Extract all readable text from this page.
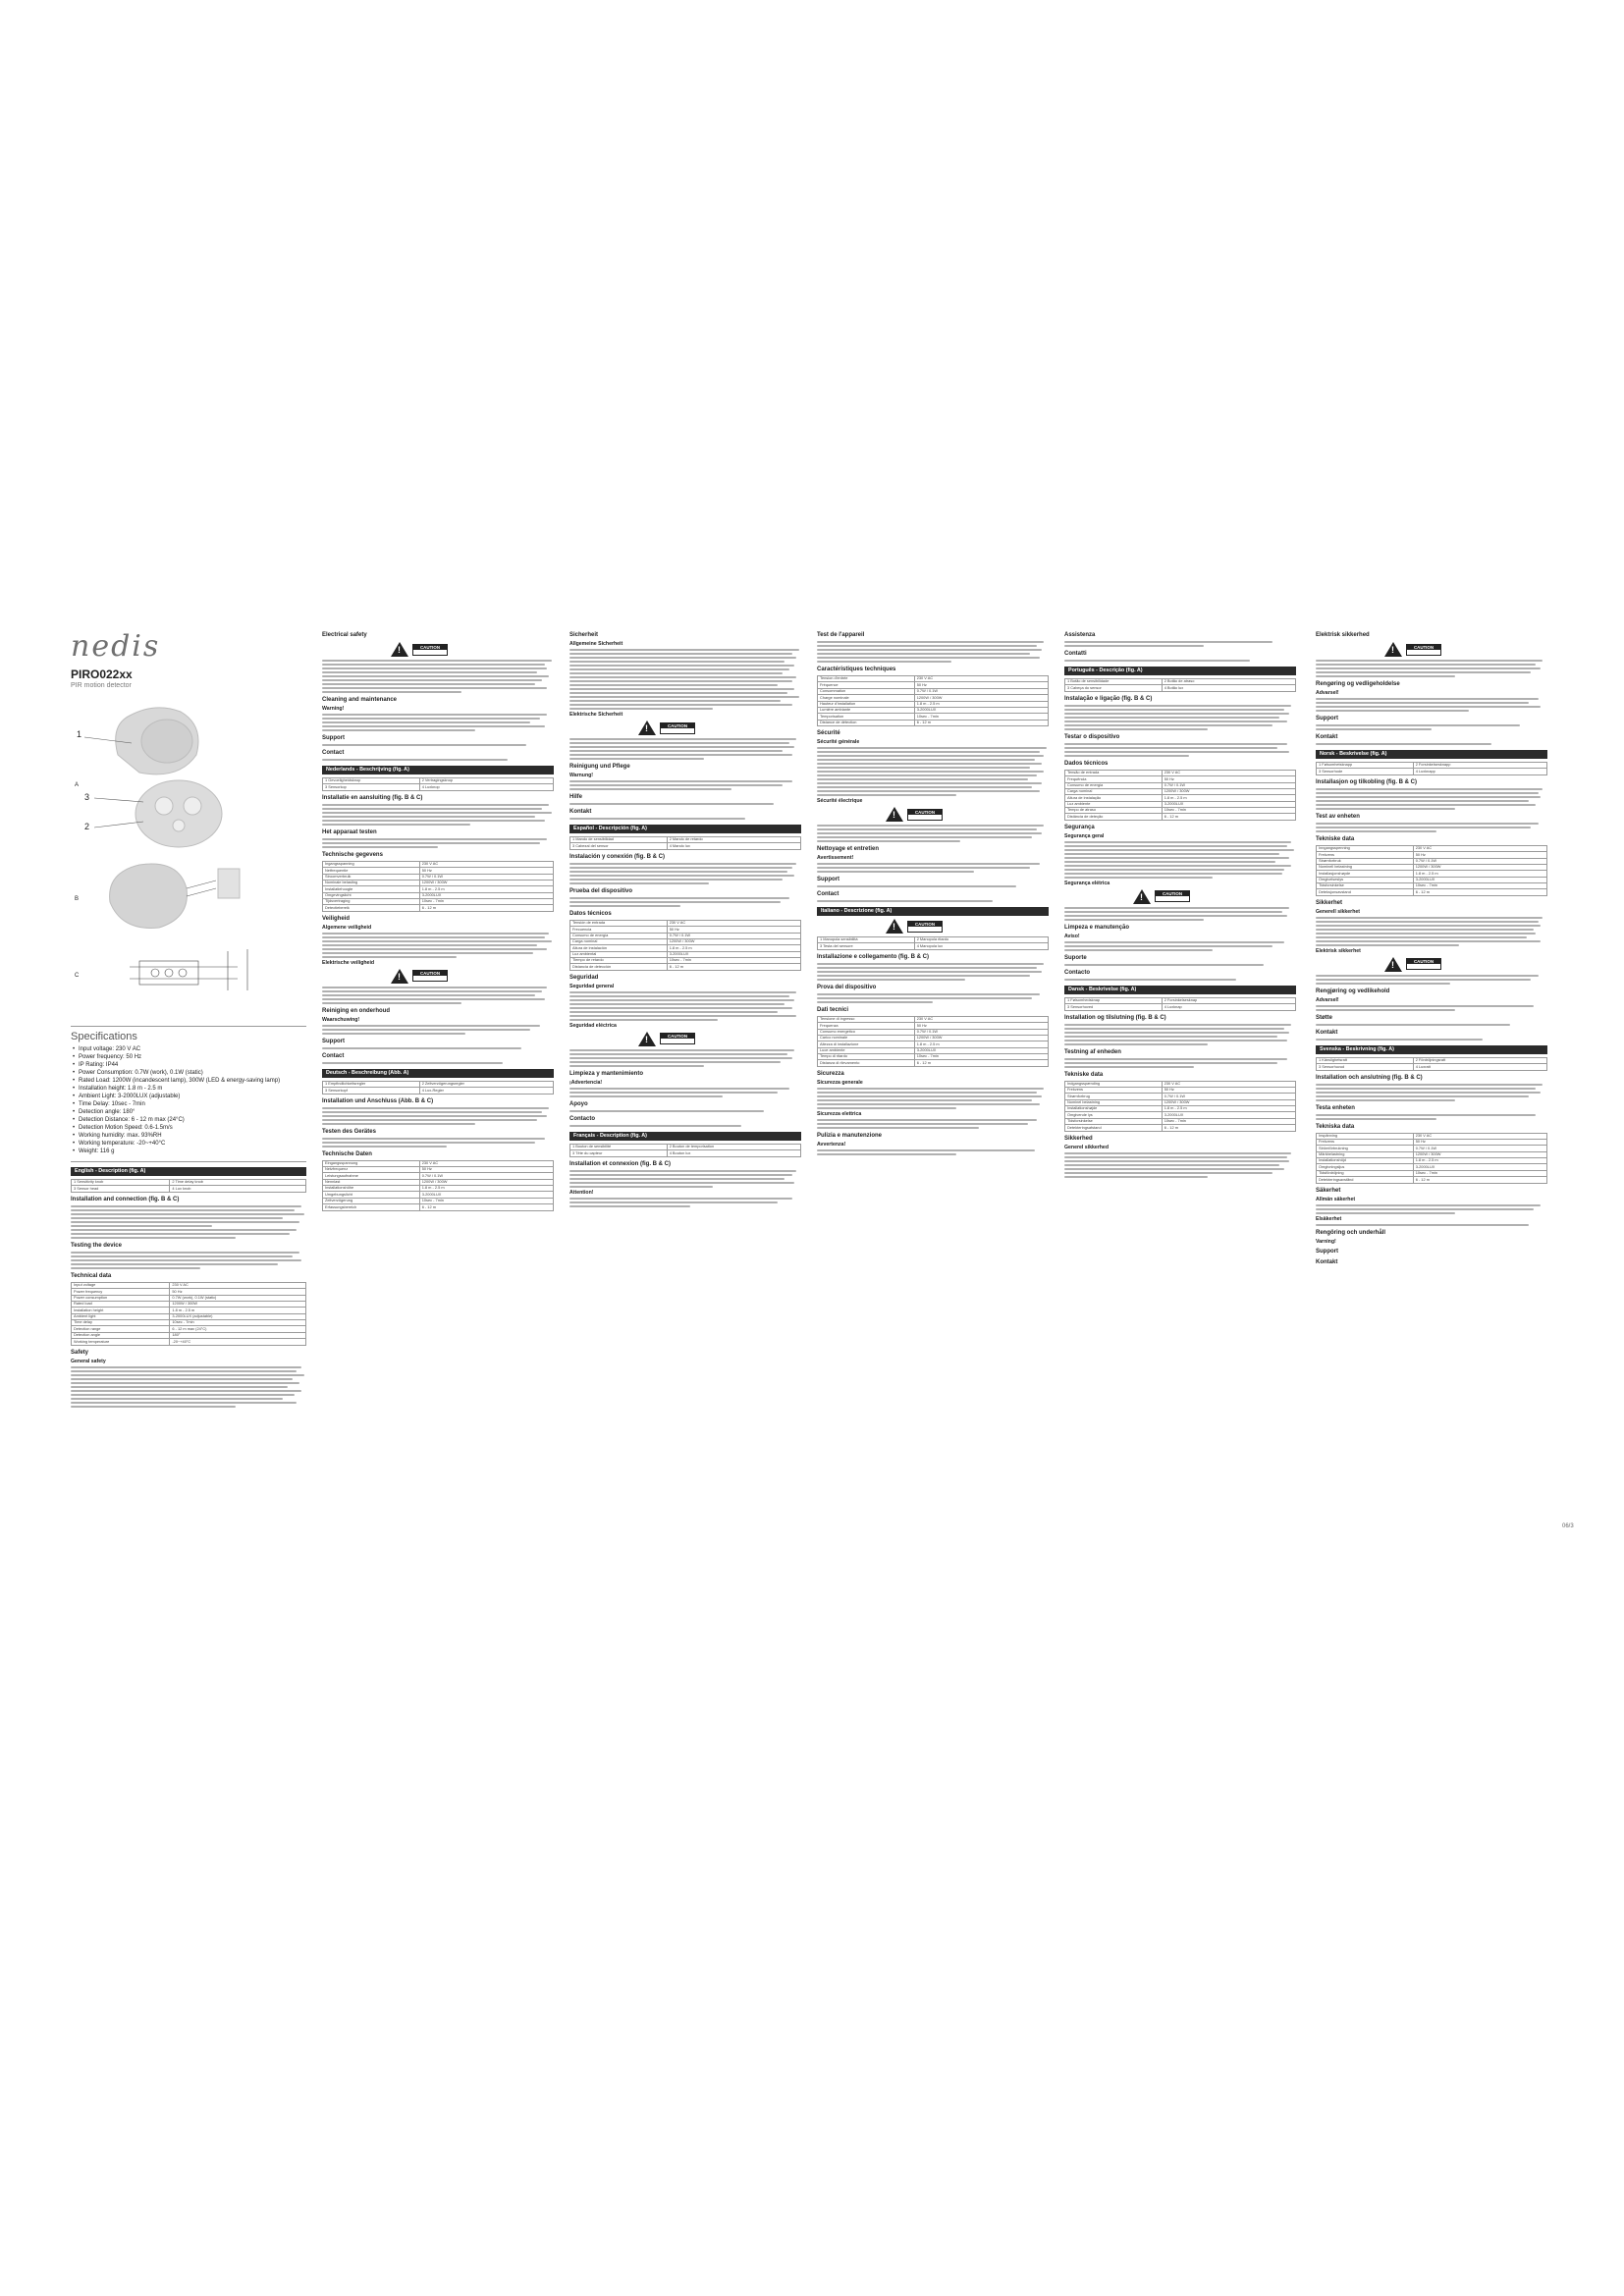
nedis
PIRO022xx
PIR motion detector
A
B
C
1
3
2
Specifications
• Input voltage: 230 V AC
• Power frequency: 50 Hz
• IP Rating: IP44
• Power Consumption: 0.7W (work), 0.1W (static)
• Rated Load: 1200W (incandescent lamp), 300W (LED & energy-saving lamp)
• Installation height: 1.8 m - 2.5 m
• Ambient Light: 3-2000LUX (adjustable)
• Time Delay: 10sec - 7min
• Detection angle: 180°
• Detection Distance: 6 - 12 m max (24°C)
• Detection Motion Speed: 0.6-1.5m/s
• Working humidity: max. 93%RH
• Working temperature: -20~+40°C
• Weight: 116 g
English - Description (fig. A)
1 Sensitivity knob	2 Time delay knob
3 Sensor head	4 Lux knob
Installation and connection (fig. B & C)
Testing the device
Technical data
Input voltage	230 V AC
Power frequency	50 Hz
Power consumption	0.7W (work), 0.1W (static)
Rated load	1200W / 300W
Installation height	1.8 m - 2.5 m
Ambient light	3-2000LUX (adjustable)
Time delay	10sec - 7min
Detection range	6 - 12 m max (24°C)
Detection angle	180°
Working temperature	-20~+40°C
Safety
General safety
Electrical safety
!
CAUTION
Cleaning and maintenance
Warning!
Support
Contact
Nederlands - Beschrijving (fig. A)
1 Gevoeligheidsknop	2 Vertragingsknop
3 Sensorkop	4 Luxknop
Installatie en aansluiting (fig. B & C)
Het apparaat testen
Technische gegevens
Ingangsspanning	230 V AC
Netfrequentie	50 Hz
Stroomverbruik	0.7W / 0.1W
Nominale belasting	1200W / 300W
Installatiehoogte	1.8 m - 2.5 m
Omgevingslicht	3-2000LUX
Tijdsvertraging	10sec - 7min
Detectiebereik	6 - 12 m
Veiligheid
Algemene veiligheid
Elektrische veiligheid
!
CAUTION
Reiniging en onderhoud
Waarschuwing!
Support
Contact
Deutsch - Beschreibung (Abb. A)
1 Empfindlichkeitsregler	2 Zeitverzögerungsregler
3 Sensorkopf	4 Lux-Regler
Installation und Anschluss (Abb. B & C)
Testen des Gerätes
Technische Daten
Eingangsspannung	230 V AC
Netzfrequenz	50 Hz
Leistungsaufnahme	0.7W / 0.1W
Nennlast	1200W / 300W
Installationshöhe	1.8 m - 2.5 m
Umgebungslicht	3-2000LUX
Zeitverzögerung	10sec - 7min
Erfassungsbereich	6 - 12 m
Sicherheit
Allgemeine Sicherheit
Elektrische Sicherheit
!
CAUTION
Reinigung und Pflege
Warnung!
Hilfe
Kontakt
Español - Descripción (fig. A)
1 Mando de sensibilidad	2 Mando de retardo
3 Cabezal del sensor	4 Mando lux
Instalación y conexión (fig. B & C)
Prueba del dispositivo
Datos técnicos
Tensión de entrada	230 V AC
Frecuencia	50 Hz
Consumo de energía	0.7W / 0.1W
Carga nominal	1200W / 300W
Altura de instalación	1.8 m - 2.5 m
Luz ambiental	3-2000LUX
Tiempo de retardo	10sec - 7min
Distancia de detección	6 - 12 m
Seguridad
Seguridad general
Seguridad eléctrica
!
CAUTION
Limpieza y mantenimiento
¡Advertencia!
Apoyo
Contacto
Français - Description (fig. A)
1 Bouton de sensibilité	2 Bouton de temporisation
3 Tête du capteur	4 Bouton lux
Installation et connexion (fig. B & C)
Attention!
Test de l'appareil
Caractéristiques techniques
Tension d'entrée	230 V AC
Fréquence	50 Hz
Consommation	0.7W / 0.1W
Charge nominale	1200W / 300W
Hauteur d'installation	1.8 m - 2.5 m
Lumière ambiante	3-2000LUX
Temporisation	10sec - 7min
Distance de détection	6 - 12 m
Sécurité
Sécurité générale
Sécurité électrique
!
CAUTION
Nettoyage et entretien
Avertissement!
Support
Contact
Italiano - Descrizione (fig. A)
!
CAUTION
1 Manopola sensibilità	2 Manopola ritardo
3 Testa del sensore	4 Manopola lux
Installazione e collegamento (fig. B & C)
Prova del dispositivo
Dati tecnici
Tensione di ingresso	230 V AC
Frequenza	50 Hz
Consumo energetico	0.7W / 0.1W
Carico nominale	1200W / 300W
Altezza di installazione	1.8 m - 2.5 m
Luce ambiente	3-2000LUX
Tempo di ritardo	10sec - 7min
Distanza di rilevamento	6 - 12 m
Sicurezza
Sicurezza generale
Sicurezza elettrica
Pulizia e manutenzione
Avvertenza!
Assistenza
Contatti
Português - Descrição (fig. A)
1 Botão de sensibilidade	2 Botão de atraso
3 Cabeça do sensor	4 Botão lux
Instalação e ligação (fig. B & C)
Testar o dispositivo
Dados técnicos
Tensão de entrada	230 V AC
Frequência	50 Hz
Consumo de energia	0.7W / 0.1W
Carga nominal	1200W / 300W
Altura de instalação	1.8 m - 2.5 m
Luz ambiente	3-2000LUX
Tempo de atraso	10sec - 7min
Distância de deteção	6 - 12 m
Segurança
Segurança geral
Segurança elétrica
!
CAUTION
Limpeza e manutenção
Aviso!
Suporte
Contacto
Dansk - Beskrivelse (fig. A)
1 Følsomhedsknap	2 Forsinkelsesknap
3 Sensorhoved	4 Luxknap
Installation og tilslutning (fig. B & C)
Testning af enheden
Tekniske data
Indgangsspænding	230 V AC
Frekvens	50 Hz
Strømforbrug	0.7W / 0.1W
Nominel belastning	1200W / 300W
Installationshøjde	1.8 m - 2.5 m
Omgivende lys	3-2000LUX
Tidsforsinkelse	10sec - 7min
Detekteringsafstand	6 - 12 m
Sikkerhed
Generel sikkerhed
Elektrisk sikkerhed
!
CAUTION
Rengøring og vedligeholdelse
Advarsel!
Support
Kontakt
Norsk - Beskrivelse (fig. A)
1 Følsomhetsknapp	2 Forsinkelsesknapp
3 Sensorhode	4 Luxknapp
Installasjon og tilkobling (fig. B & C)
Test av enheten
Tekniske data
Inngangsspenning	230 V AC
Frekvens	50 Hz
Strømforbruk	0.7W / 0.1W
Nominell belastning	1200W / 300W
Installasjonshøyde	1.8 m - 2.5 m
Omgivelseslys	3-2000LUX
Tidsforsinkelse	10sec - 7min
Deteksjonsavstand	6 - 12 m
Sikkerhet
Generell sikkerhet
Elektrisk sikkerhet
!
CAUTION
Rengjøring og vedlikehold
Advarsel!
Støtte
Kontakt
Svenska - Beskrivning (fig. A)
1 Känslighetsratt	2 Fördröjningsratt
3 Sensorhuvud	4 Luxratt
Installation och anslutning (fig. B & C)
Testa enheten
Tekniska data
Inspänning	230 V AC
Frekvens	50 Hz
Strömförbrukning	0.7W / 0.1W
Märkbelastning	1200W / 300W
Installationshöjd	1.8 m - 2.5 m
Omgivningsljus	3-2000LUX
Tidsfördröjning	10sec - 7min
Detekteringsavstånd	6 - 12 m
Säkerhet
Allmän säkerhet
Elsäkerhet
Rengöring och underhåll
Varning!
Support
Kontakt
06/3
